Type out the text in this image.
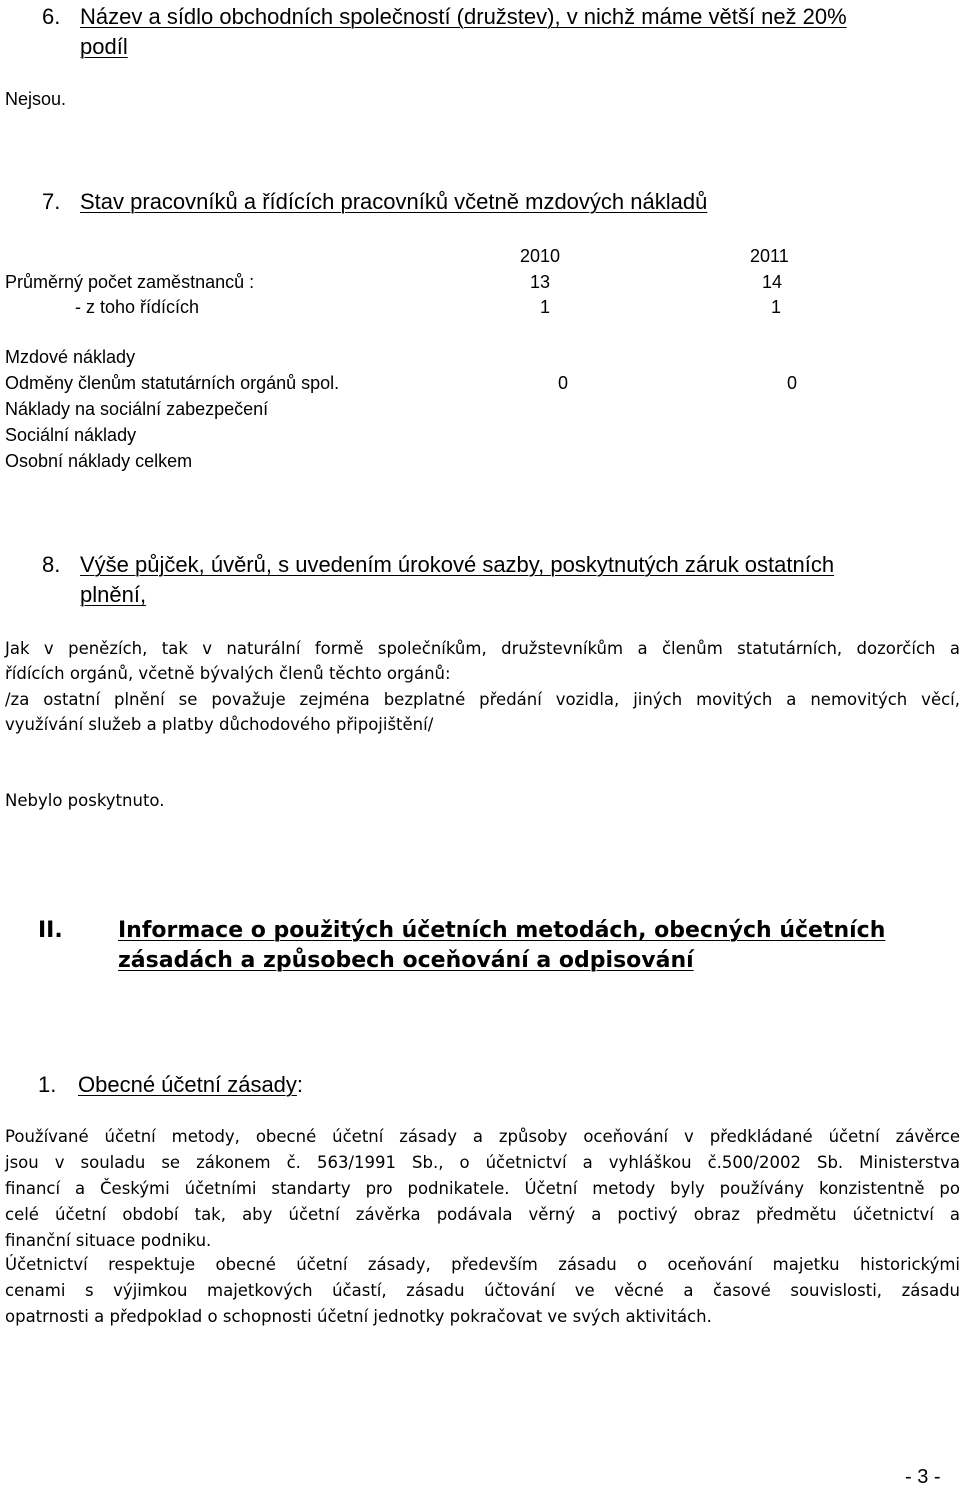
6. Název a sídlo obchodních společností (družstev), v nichž máme větší než 20%
podíl
Nejsou.
7. Stav pracovníků a řídících pracovníků včetně mzdových nákladů
2010	2011
Průměrný počet zaměstnanců :	13	14
- z toho řídících	1	1
Mzdové náklady
Odměny členům statutárních orgánů spol.	0	0
Náklady na sociální zabezpečení
Sociální náklady
Osobní náklady celkem
8. Výše půjček, úvěrů, s uvedením úrokové sazby, poskytnutých záruk ostatních
plnění,
Jak v penězích, tak v naturální formě společníkům, družstevníkům a členům statutárních, dozorčích a
řídících orgánů, včetně bývalých členů těchto orgánů:
/za ostatní plnění se považuje zejména bezplatné předání vozidla, jiných movitých a nemovitých věcí,
využívání služeb a platby důchodového připojištění/
Nebylo poskytnuto.
II.	Informace o použitých účetních metodách, obecných účetních
zásadách a způsobech oceňování a odpisování
1. Obecné účetní zásady:
Používané účetní metody, obecné účetní zásady a způsoby oceňování v předkládané účetní závěrce
jsou v souladu se zákonem č. 563/1991 Sb., o účetnictví a vyhláškou č.500/2002 Sb. Ministerstva
financí a Českými účetními standarty pro podnikatele. Účetní metody byly používány konzistentně po
celé účetní období tak, aby účetní závěrka podávala věrný a poctivý obraz předmětu účetnictví a
finanční situace podniku.
Účetnictví respektuje obecné účetní zásady, především zásadu o oceňování majetku historickými
cenami s výjimkou majetkových účastí, zásadu účtování ve věcné a časové souvislosti, zásadu
opatrnosti a předpoklad o schopnosti účetní jednotky pokračovat ve svých aktivitách.
- 3 -
